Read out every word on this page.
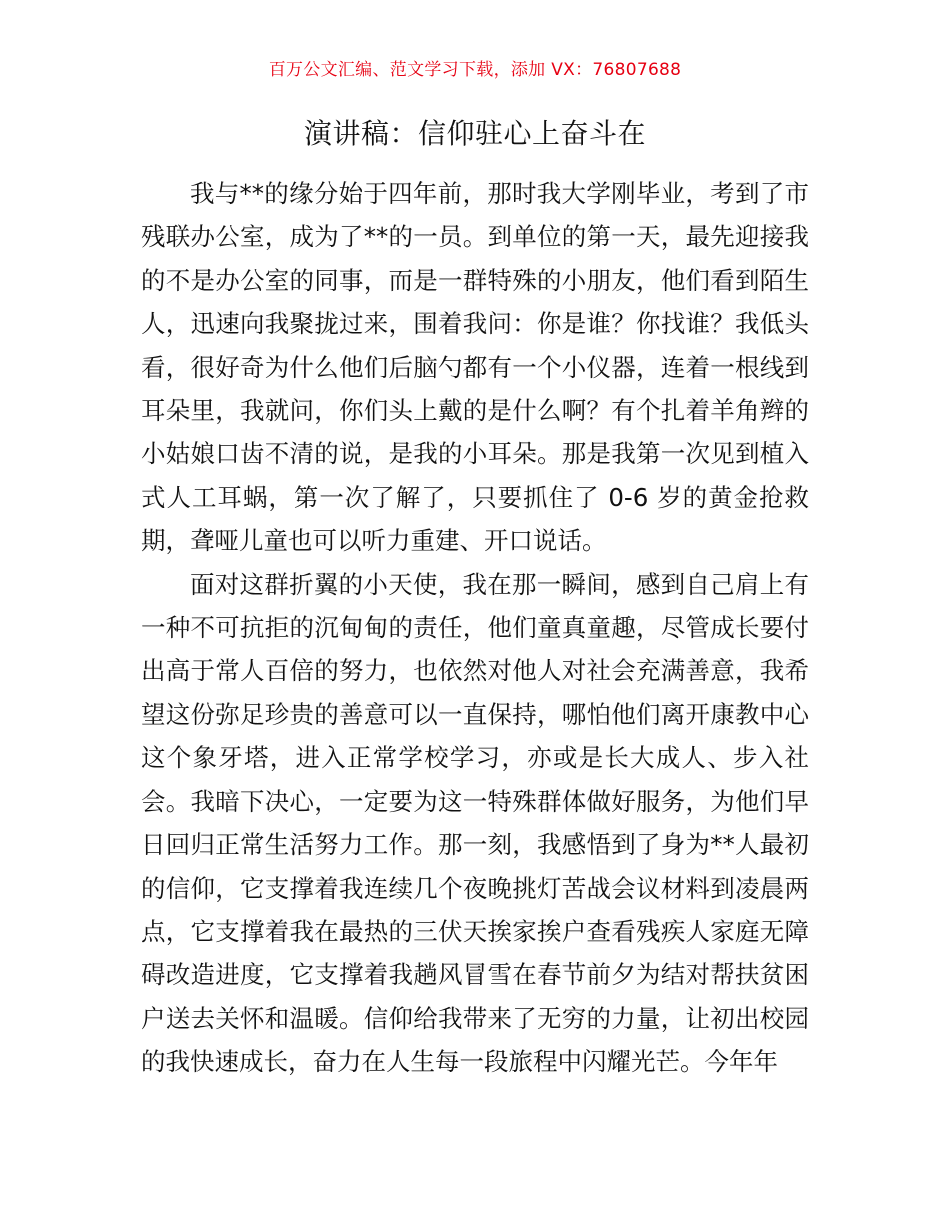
百万公文汇编、范文学习下载，添加 VX：76807688
演讲稿：信仰驻心上奋斗在

我与**的缘分始于四年前，那时我大学刚毕业，考到了市残联办公室，成为了**的一员。到单位的第一天，最先迎接我的不是办公室的同事，而是一群特殊的小朋友，他们看到陌生人，迅速向我聚拢过来，围着我问：你是谁？你找谁？我低头看，很好奇为什么他们后脑勺都有一个小仪器，连着一根线到耳朵里，我就问，你们头上戴的是什么啊？有个扎着羊角辫的小姑娘口齿不清的说，是我的小耳朵。那是我第一次见到植入式人工耳蜗，第一次了解了，只要抓住了 0-6 岁的黄金抢救期，聋哑儿童也可以听力重建、开口说话。

面对这群折翼的小天使，我在那一瞬间，感到自己肩上有一种不可抗拒的沉甸甸的责任，他们童真童趣，尽管成长要付出高于常人百倍的努力，也依然对他人对社会充满善意，我希望这份弥足珍贵的善意可以一直保持，哪怕他们离开康教中心这个象牙塔，进入正常学校学习，亦或是长大成人、步入社会。我暗下决心，一定要为这一特殊群体做好服务，为他们早日回归正常生活努力工作。那一刻，我感悟到了身为**人最初的信仰，它支撑着我连续几个夜晚挑灯苦战会议材料到凌晨两点，它支撑着我在最热的三伏天挨家挨户查看残疾人家庭无障碍改造进度，它支撑着我趟风冒雪在春节前夕为结对帮扶贫困户送去关怀和温暖。信仰给我带来了无穷的力量，让初出校园的我快速成长，奋力在人生每一段旅程中闪耀光芒。今年年
